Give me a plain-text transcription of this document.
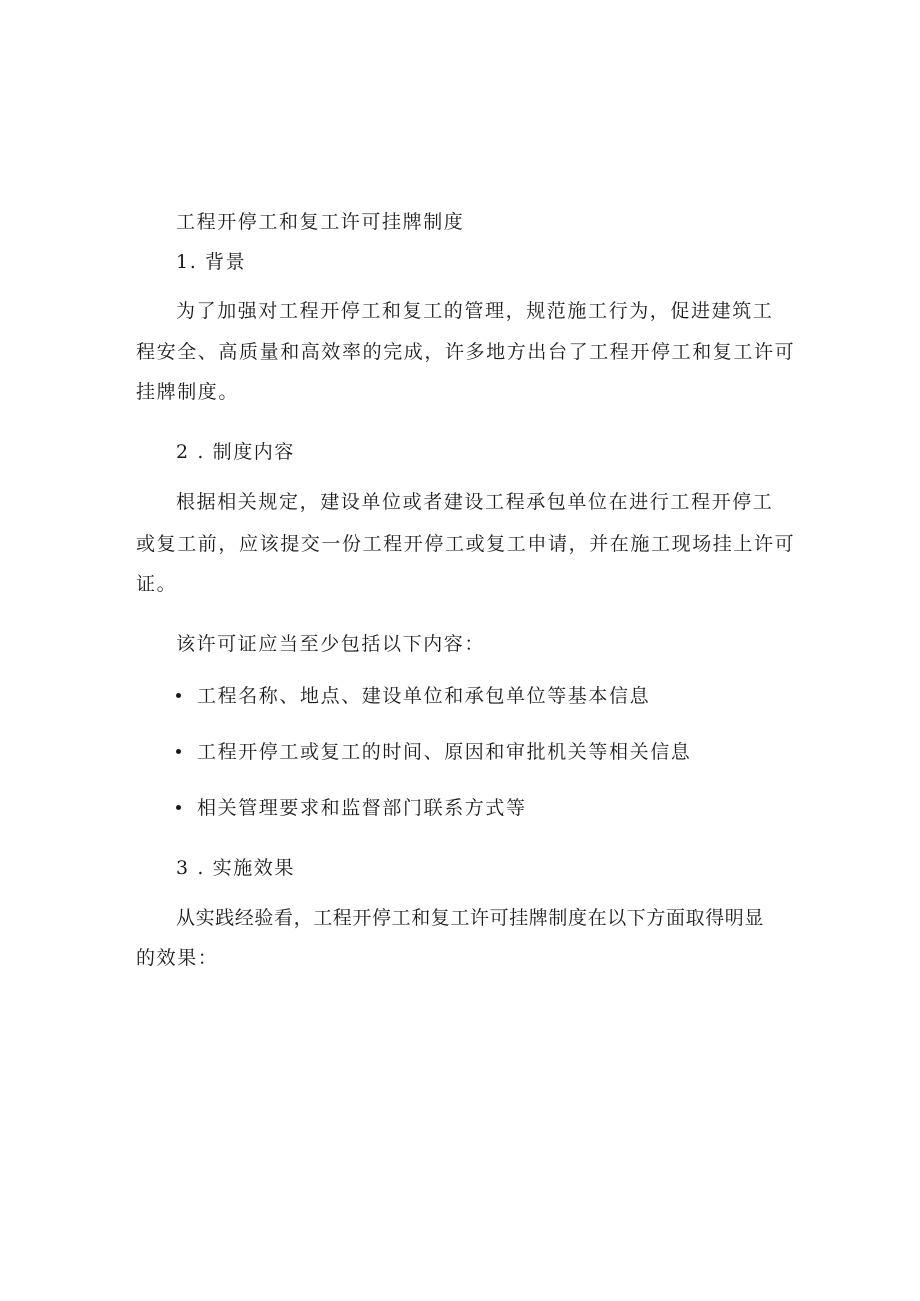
工程开停工和复工许可挂牌制度
1. 背景
为了加强对工程开停工和复工的管理，规范施工行为，促进建筑工
程安全、高质量和高效率的完成，许多地方出台了工程开停工和复工许可
挂牌制度。
2 . 制度内容
根据相关规定，建设单位或者建设工程承包单位在进行工程开停工
或复工前，应该提交一份工程开停工或复工申请，并在施工现场挂上许可
证。
该许可证应当至少包括以下内容：
工程名称、地点、建设单位和承包单位等基本信息
工程开停工或复工的时间、原因和审批机关等相关信息
相关管理要求和监督部门联系方式等
3 . 实施效果
从实践经验看，工程开停工和复工许可挂牌制度在以下方面取得明显
的效果：
